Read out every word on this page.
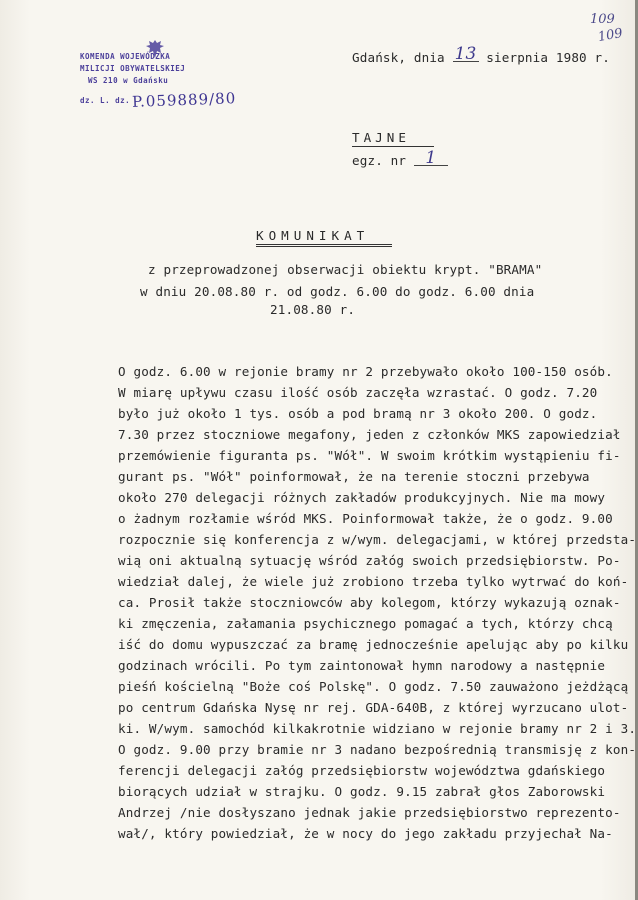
KOMENDA WOJEWÓDZKA
MILICJI OBYWATELSKIEJ
WS 210 w Gdańsku
dz. L. dz. P.059889/80
109
109
Gdańsk, dnia 13 sierpnia 1980 r.
TAJNE
egz. nr 1
KOMUNIKAT
z przeprowadzonej obserwacji obiektu krypt. "BRAMA"
w dniu 20.08.80 r. od godz. 6.00 do godz. 6.00 dnia
21.08.80 r.
O godz. 6.00 w rejonie bramy nr 2 przebywało około 100-150 osób.
W miarę upływu czasu ilość osób zaczęła wzrastać. O godz. 7.20
było już około 1 tys. osób a pod bramą nr 3 około 200. O godz.
7.30 przez stoczniowe megafony, jeden z członków MKS zapowiedział
przemówienie figuranta ps. "Wół". W swoim krótkim wystąpieniu fi-
gurant ps. "Wół" poinformował, że na terenie stoczni przebywa
około 270 delegacji różnych zakładów produkcyjnych. Nie ma mowy
o żadnym rozłamie wśród MKS. Poinformował także, że o godz. 9.00
rozpocznie się konferencja z w/wym. delegacjami, w której przedsta-
wią oni aktualną sytuację wśród załóg swoich przedsiębiorstw. Po-
wiedział dalej, że wiele już zrobiono trzeba tylko wytrwać do koń-
ca. Prosił także stoczniowców aby kolegom, którzy wykazują oznak-
ki zmęczenia, załamania psychicznego pomagać a tych, którzy chcą
iść do domu wypuszczać za bramę jednocześnie apelując aby po kilku
godzinach wrócili. Po tym zaintonował hymn narodowy a następnie
pieśń kościelną "Boże coś Polskę". O godz. 7.50 zauważono jeżdżącą
po centrum Gdańska Nysę nr rej. GDA-640B, z której wyrzucano ulot-
ki. W/wym. samochód kilkakrotnie widziano w rejonie bramy nr 2 i 3.
O godz. 9.00 przy bramie nr 3 nadano bezpośrednią transmisję z kon-
ferencji delegacji załóg przedsiębiorstw województwa gdańskiego
biorących udział w strajku. O godz. 9.15 zabrał głos Zaborowski
Andrzej /nie dosłyszano jednak jakie przedsiębiorstwo reprezento-
wał/, który powiedział, że w nocy do jego zakładu przyjechał Na-
